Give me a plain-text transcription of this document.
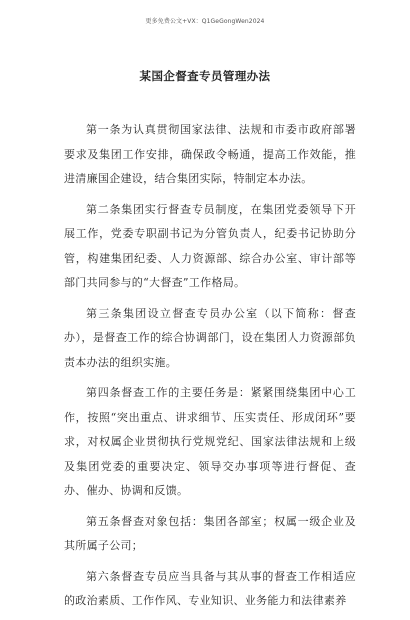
更多免费公文+VX：Q1GeGongWen2024
某国企督查专员管理办法

第一条为认真贯彻国家法律、法规和市委市政府部署要求及集团工作安排，确保政令畅通，提高工作效能，推进清廉国企建设，结合集团实际，特制定本办法。

第二条集团实行督查专员制度，在集团党委领导下开展工作，党委专职副书记为分管负责人，纪委书记协助分管，构建集团纪委、人力资源部、综合办公室、审计部等部门共同参与的“大督查”工作格局。

第三条集团设立督查专员办公室（以下简称：督查办），是督查工作的综合协调部门，设在集团人力资源部负责本办法的组织实施。

第四条督查工作的主要任务是：紧紧围绕集团中心工作，按照“突出重点、讲求细节、压实责任、形成闭环”要求，对权属企业贯彻执行党规党纪、国家法律法规和上级及集团党委的重要决定、领导交办事项等进行督促、查办、催办、协调和反馈。

第五条督查对象包括：集团各部室；权属一级企业及其所属子公司；

第六条督查专员应当具备与其从事的督查工作相适应的政治素质、工作作风、专业知识、业务能力和法律素养
